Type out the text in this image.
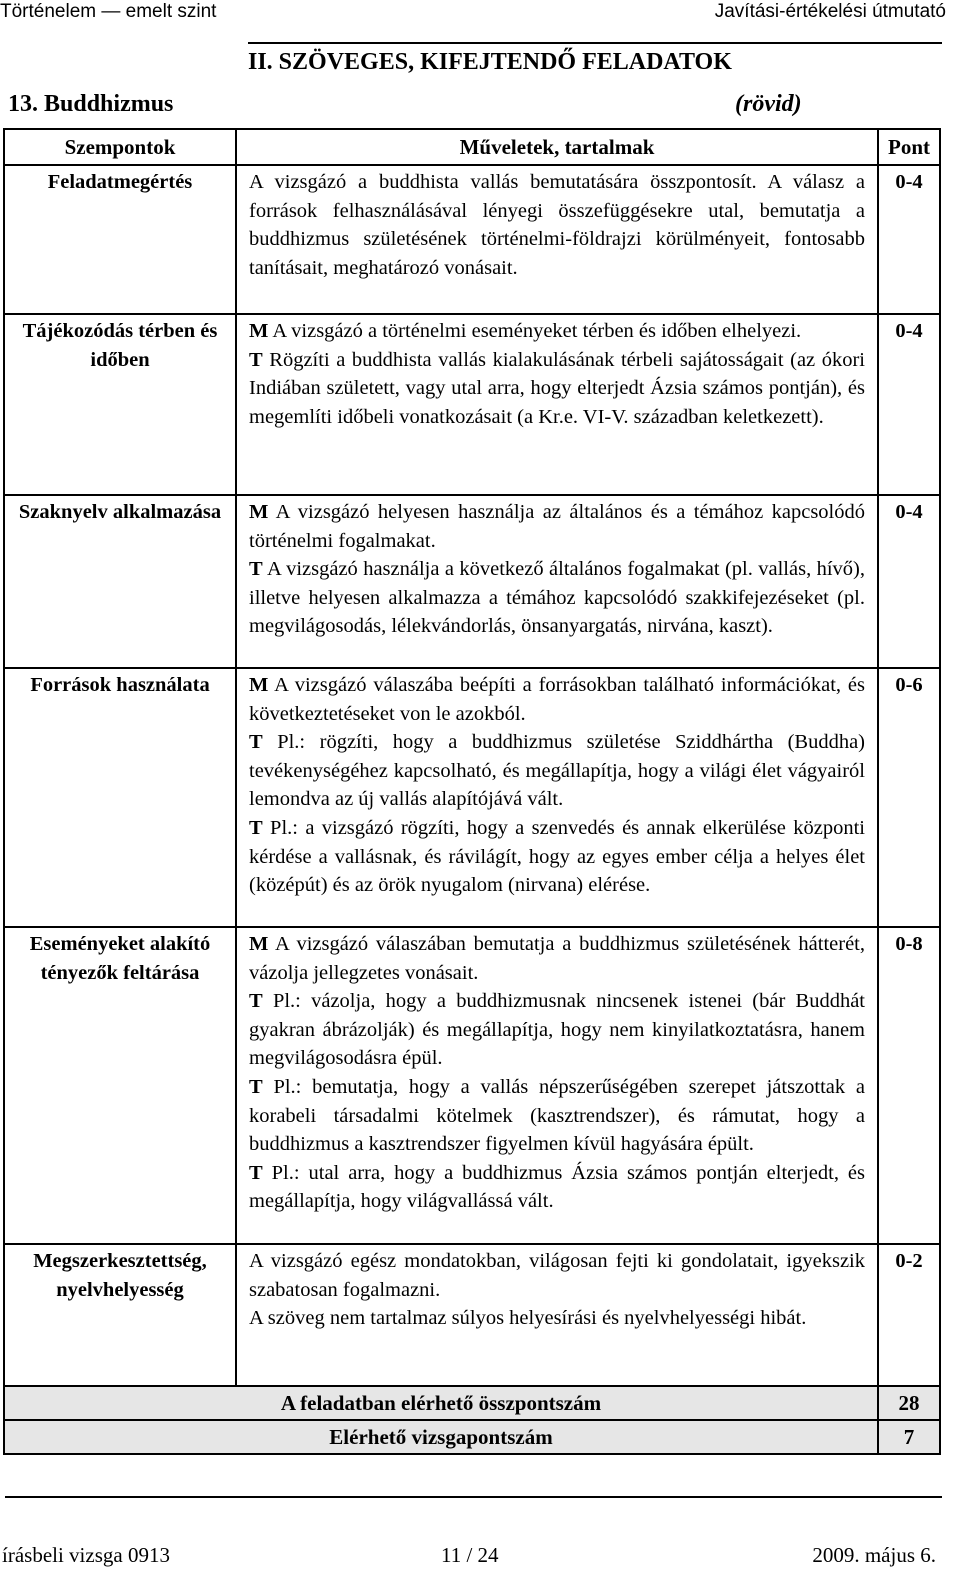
Történelem — emelt szint	Javítási-értékelési útmutató
II. SZÖVEGES, KIFEJTENDŐ FELADATOK
13. Buddhizmus	(rövid)
Szempontok	Műveletek, tartalmak	Pont
Feladatmegértés	A vizsgázó a buddhista vallás bemutatására összpontosít. A válasz a források felhasználásával lényegi összefüggésekre utal, bemutatja a buddhizmus születésének történelmi-földrajzi körülményeit, fontosabb tanításait, meghatározó vonásait.	0-4
Tájékozódás térben és időben	M A vizsgázó a történelmi eseményeket térben és időben elhelyezi.

T Rögzíti a buddhista vallás kialakulásának térbeli sajátosságait (az ókori Indiában született, vagy utal arra, hogy elterjedt Ázsia számos pontján), és megemlíti időbeli vonatkozásait (a Kr.e. VI-V. században keletkezett).	0-4
Szaknyelv alkalmazása	M A vizsgázó helyesen használja az általános és a témához kapcsolódó történelmi fogalmakat.

T A vizsgázó használja a következő általános fogalmakat (pl. vallás, hívő), illetve helyesen alkalmazza a témához kapcsolódó szakkifejezéseket (pl. megvilágosodás, lélekvándorlás, önsanyargatás, nirvána, kaszt).	0-4
Források használata	M A vizsgázó válaszába beépíti a forrásokban található információkat, és következtetéseket von le azokból.

T Pl.: rögzíti, hogy a buddhizmus születése Sziddhártha (Buddha) tevékenységéhez kapcsolható, és megállapítja, hogy a világi élet vágyairól lemondva az új vallás alapítójává vált.

T Pl.: a vizsgázó rögzíti, hogy a szenvedés és annak elkerülése központi kérdése a vallásnak, és rávilágít, hogy az egyes ember célja a helyes élet (középút) és az örök nyugalom (nirvana) elérése.	0-6
Eseményeket alakító tényezők feltárása	M A vizsgázó válaszában bemutatja a buddhizmus születésének hátterét, vázolja jellegzetes vonásait.

T Pl.: vázolja, hogy a buddhizmusnak nincsenek istenei (bár Buddhát gyakran ábrázolják) és megállapítja, hogy nem kinyilatkoztatásra, hanem megvilágosodásra épül.

T Pl.: bemutatja, hogy a vallás népszerűségében szerepet játszottak a korabeli társadalmi kötelmek (kasztrendszer), és rámutat, hogy a buddhizmus a kasztrendszer figyelmen kívül hagyására épült.

T Pl.: utal arra, hogy a buddhizmus Ázsia számos pontján elterjedt, és megállapítja, hogy világvallássá vált.	0-8
Megszerkesztettség, nyelvhelyesség	A vizsgázó egész mondatokban, világosan fejti ki gondolatait, igyekszik szabatosan fogalmazni.

A szöveg nem tartalmaz súlyos helyesírási és nyelvhelyességi hibát.	0-2
A feladatban elérhető összpontszám		28
Elérhető vizsgapontszám		7
írásbeli vizsga 0913	11 / 24	2009. május 6.
